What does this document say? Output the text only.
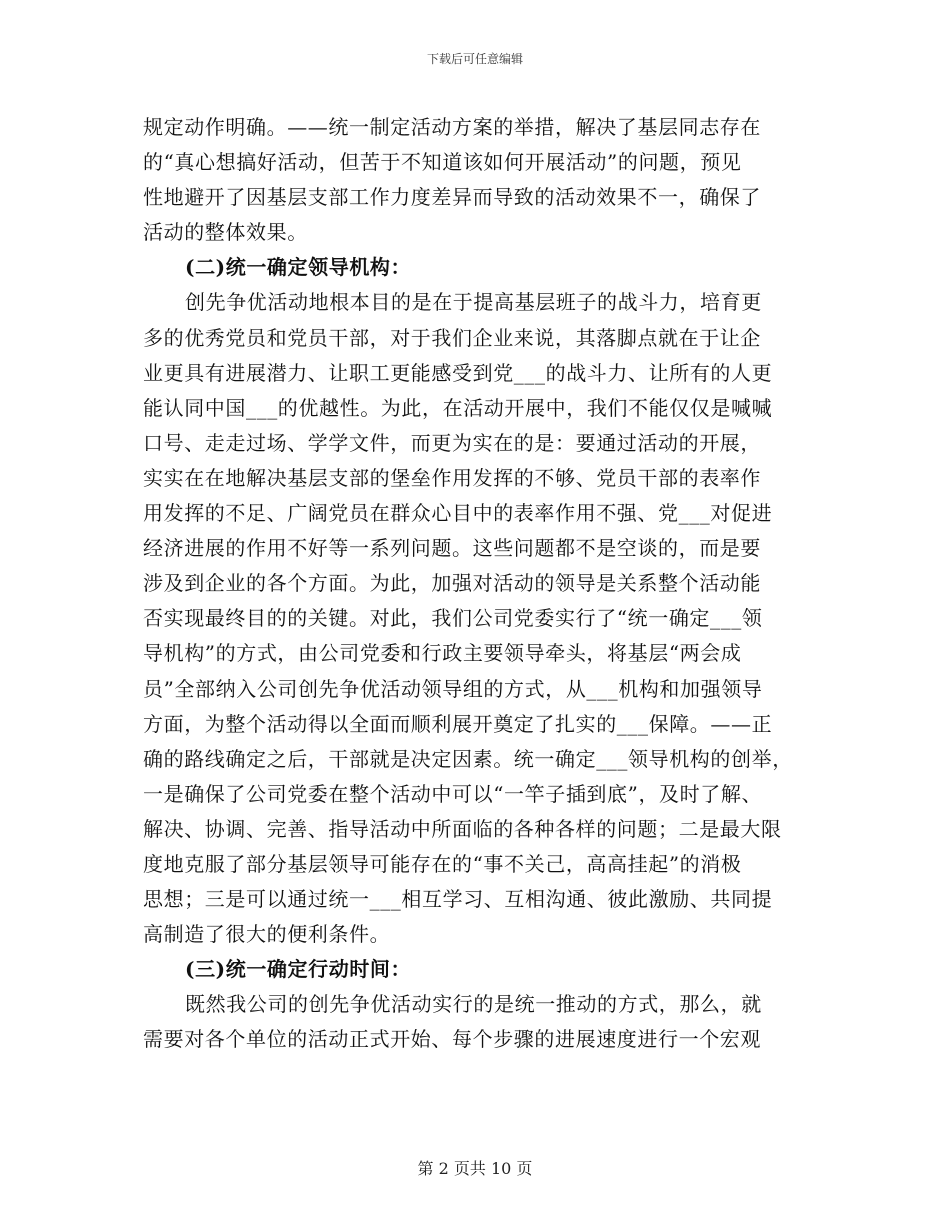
下载后可任意编辑
规定动作明确。——统一制定活动方案的举措，解决了基层同志存在
的“真心想搞好活动，但苦于不知道该如何开展活动”的问题，预见
性地避开了因基层支部工作力度差异而导致的活动效果不一，确保了
活动的整体效果。
(二)统一确定领导机构：
创先争优活动地根本目的是在于提高基层班子的战斗力，培育更
多的优秀党员和党员干部，对于我们企业来说，其落脚点就在于让企
业更具有进展潜力、让职工更能感受到党___的战斗力、让所有的人更
能认同中国___的优越性。为此，在活动开展中，我们不能仅仅是喊喊
口号、走走过场、学学文件，而更为实在的是：要通过活动的开展，
实实在在地解决基层支部的堡垒作用发挥的不够、党员干部的表率作
用发挥的不足、广阔党员在群众心目中的表率作用不强、党___对促进
经济进展的作用不好等一系列问题。这些问题都不是空谈的，而是要
涉及到企业的各个方面。为此，加强对活动的领导是关系整个活动能
否实现最终目的的关键。对此，我们公司党委实行了“统一确定___领
导机构”的方式，由公司党委和行政主要领导牵头，将基层“两会成
员”全部纳入公司创先争优活动领导组的方式，从___机构和加强领导
方面，为整个活动得以全面而顺利展开奠定了扎实的___保障。——正
确的路线确定之后，干部就是决定因素。统一确定___领导机构的创举，
一是确保了公司党委在整个活动中可以“一竿子插到底”，及时了解、
解决、协调、完善、指导活动中所面临的各种各样的问题；二是最大限
度地克服了部分基层领导可能存在的“事不关己，高高挂起”的消极
思想；三是可以通过统一___相互学习、互相沟通、彼此激励、共同提
高制造了很大的便利条件。
(三)统一确定行动时间：
既然我公司的创先争优活动实行的是统一推动的方式，那么，就
需要对各个单位的活动正式开始、每个步骤的进展速度进行一个宏观
第 2 页共 10 页
